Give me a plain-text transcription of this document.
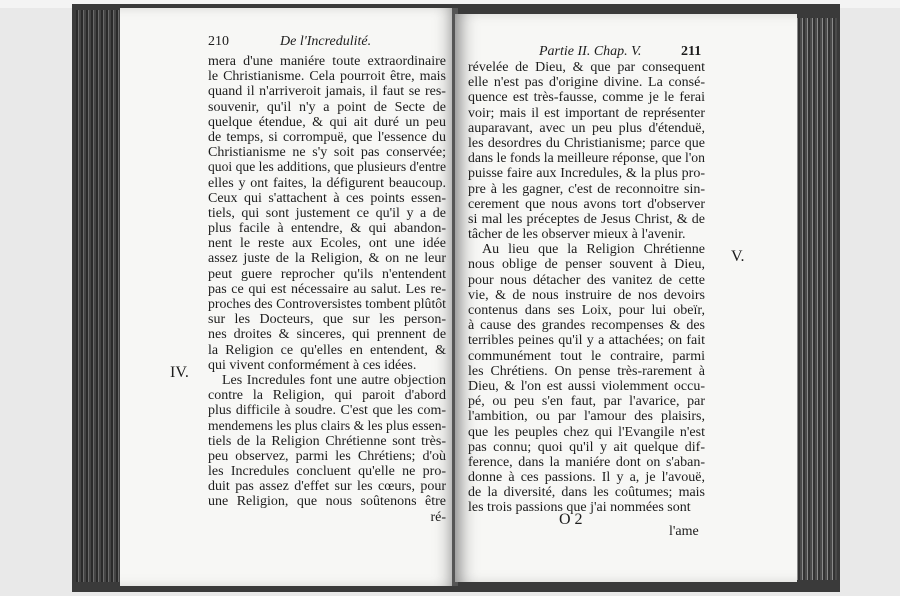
210	De l'Incredulité.
IV.
mera d'une maniére toute extraordinaire
le Christianisme. Cela pourroit être, mais
quand il n'arriveroit jamais, il faut se res-
souvenir, qu'il n'y a point de Secte de
quelque étendue, & qui ait duré un peu
de temps, si corrompuë, que l'essence du
Christianisme ne s'y soit pas conservée;
quoi que les additions, que plusieurs d'entre
elles y ont faites, la défigurent beaucoup.
Ceux qui s'attachent à ces points essen-
tiels, qui sont justement ce qu'il y a de
plus facile à entendre, & qui abandon-
nent le reste aux Ecoles, ont une idée
assez juste de la Religion, & on ne leur
peut guere reprocher qu'ils n'entendent
pas ce qui est nécessaire au salut. Les re-
proches des Controversistes tombent plûtôt
sur les Docteurs, que sur les person-
nes droites & sinceres, qui prennent de
la Religion ce qu'elles en entendent, &
qui vivent conformément à ces idées.
Les Incredules font une autre objection
contre la Religion, qui paroit d'abord
plus difficile à soudre. C'est que les com-
mendemens les plus clairs & les plus essen-
tiels de la Religion Chrétienne sont très-
peu observez, parmi les Chrétiens; d'où
les Incredules concluent qu'elle ne pro-
duit pas assez d'effet sur les cœurs, pour
une Religion, que nous soûtenons être
ré-
Partie II. Chap. V.	211
V.
révelée de Dieu, & que par consequent
elle n'est pas d'origine divine. La consé-
quence est très-fausse, comme je le ferai
voir; mais il est important de représenter
auparavant, avec un peu plus d'étenduë,
les desordres du Christianisme; parce que
dans le fonds la meilleure réponse, que l'on
puisse faire aux Incredules, & la plus pro-
pre à les gagner, c'est de reconnoitre sin-
cerement que nous avons tort d'observer
si mal les préceptes de Jesus Christ, & de
tâcher de les observer mieux à l'avenir.
Au lieu que la Religion Chrétienne
nous oblige de penser souvent à Dieu,
pour nous détacher des vanitez de cette
vie, & de nous instruire de nos devoirs
contenus dans ses Loix, pour lui obeïr,
à cause des grandes recompenses & des
terribles peines qu'il y a attachées; on fait
communément tout le contraire, parmi
les Chrétiens. On pense très-rarement à
Dieu, & l'on est aussi violemment occu-
pé, ou peu s'en faut, par l'avarice, par
l'ambition, ou par l'amour des plaisirs,
que les peuples chez qui l'Evangile n'est
pas connu; quoi qu'il y ait quelque dif-
ference, dans la maniére dont on s'aban-
donne à ces passions. Il y a, je l'avouë,
de la diversité, dans les coûtumes; mais
les trois passions que j'ai nommées sont
O 2
l'ame
